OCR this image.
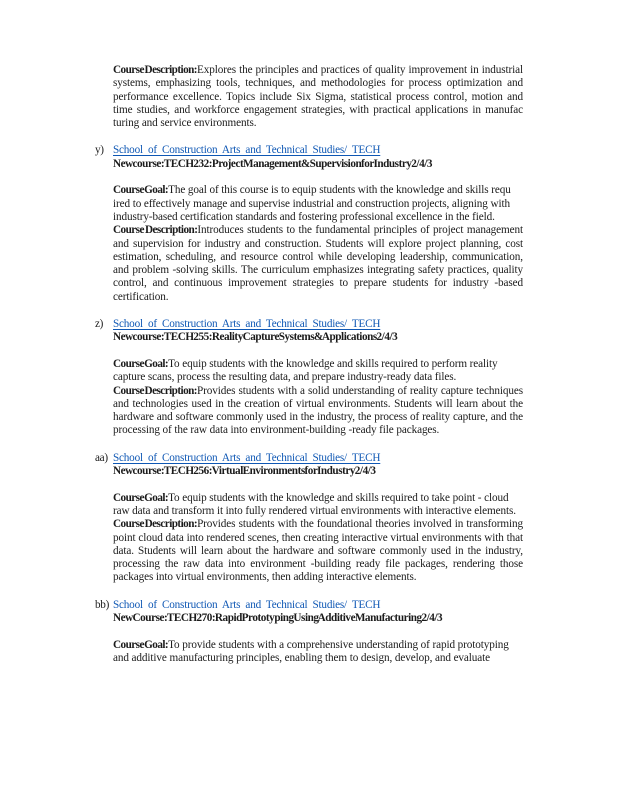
Course Description:Explores the principles and practices of quality improvement in industrial systems, emphasizing tools, techniques, and methodologies for process optimization and performance excellence. Topics include Six Sigma, statistical process control, motion and time studies, and workforce engagement strategies, with practical applications in manufac turing and service environments.

y) School of Construction Arts and Technical Studies/ TECH
New course: TECH 232: Project Management & Supervision for Industry 2/4/3

Course Goal:The goal of this course is to equip students with the knowledge and skills requ ired to effectively manage and supervise industrial and construction projects, aligning with industry-based certification standards and fostering professional excellence in the field.

Course Description:Introduces students to the fundamental principles of project management and supervision for industry and construction. Students will explore project planning, cost estimation, scheduling, and resource control while developing leadership, communication, and problem -solving skills. The curriculum emphasizes integrating safety practices, quality control, and continuous improvement strategies to prepare students for industry -based certification.

z) School of Construction Arts and Technical Studies/ TECH
New course: TECH 255: Reality Capture Systems & Applications 2/4/3

Course Goal:To equip students with the knowledge and skills required to perform reality capture scans, process the resulting data, and prepare industry-ready data files.

Course Description:Provides students with a solid understanding of reality capture techniques and technologies used in the creation of virtual environments. Students will learn about the hardware and software commonly used in the industry, the process of reality capture, and the processing of the raw data into environment-building -ready file packages.

aa) School of Construction Arts and Technical Studies/ TECH
New course: TECH 256: Virtual Environments for Industry 2/4/3

Course Goal:To equip students with the knowledge and skills required to take point - cloud raw data and transform it into fully rendered virtual environments with interactive elements.

Course Description:Provides students with the foundational theories involved in transforming point cloud data into rendered scenes, then creating interactive virtual environments with that data. Students will learn about the hardware and software commonly used in the industry, processing the raw data into environment -building ready file packages, rendering those packages into virtual environments, then adding interactive elements.

bb) School of Construction Arts and Technical Studies/ TECH
New Course: TECH 270: Rapid Prototyping Using Additive Manufacturing 2/4/3

Course Goal:To provide students with a comprehensive understanding of rapid prototyping and additive manufacturing principles, enabling them to design, develop, and evaluate
